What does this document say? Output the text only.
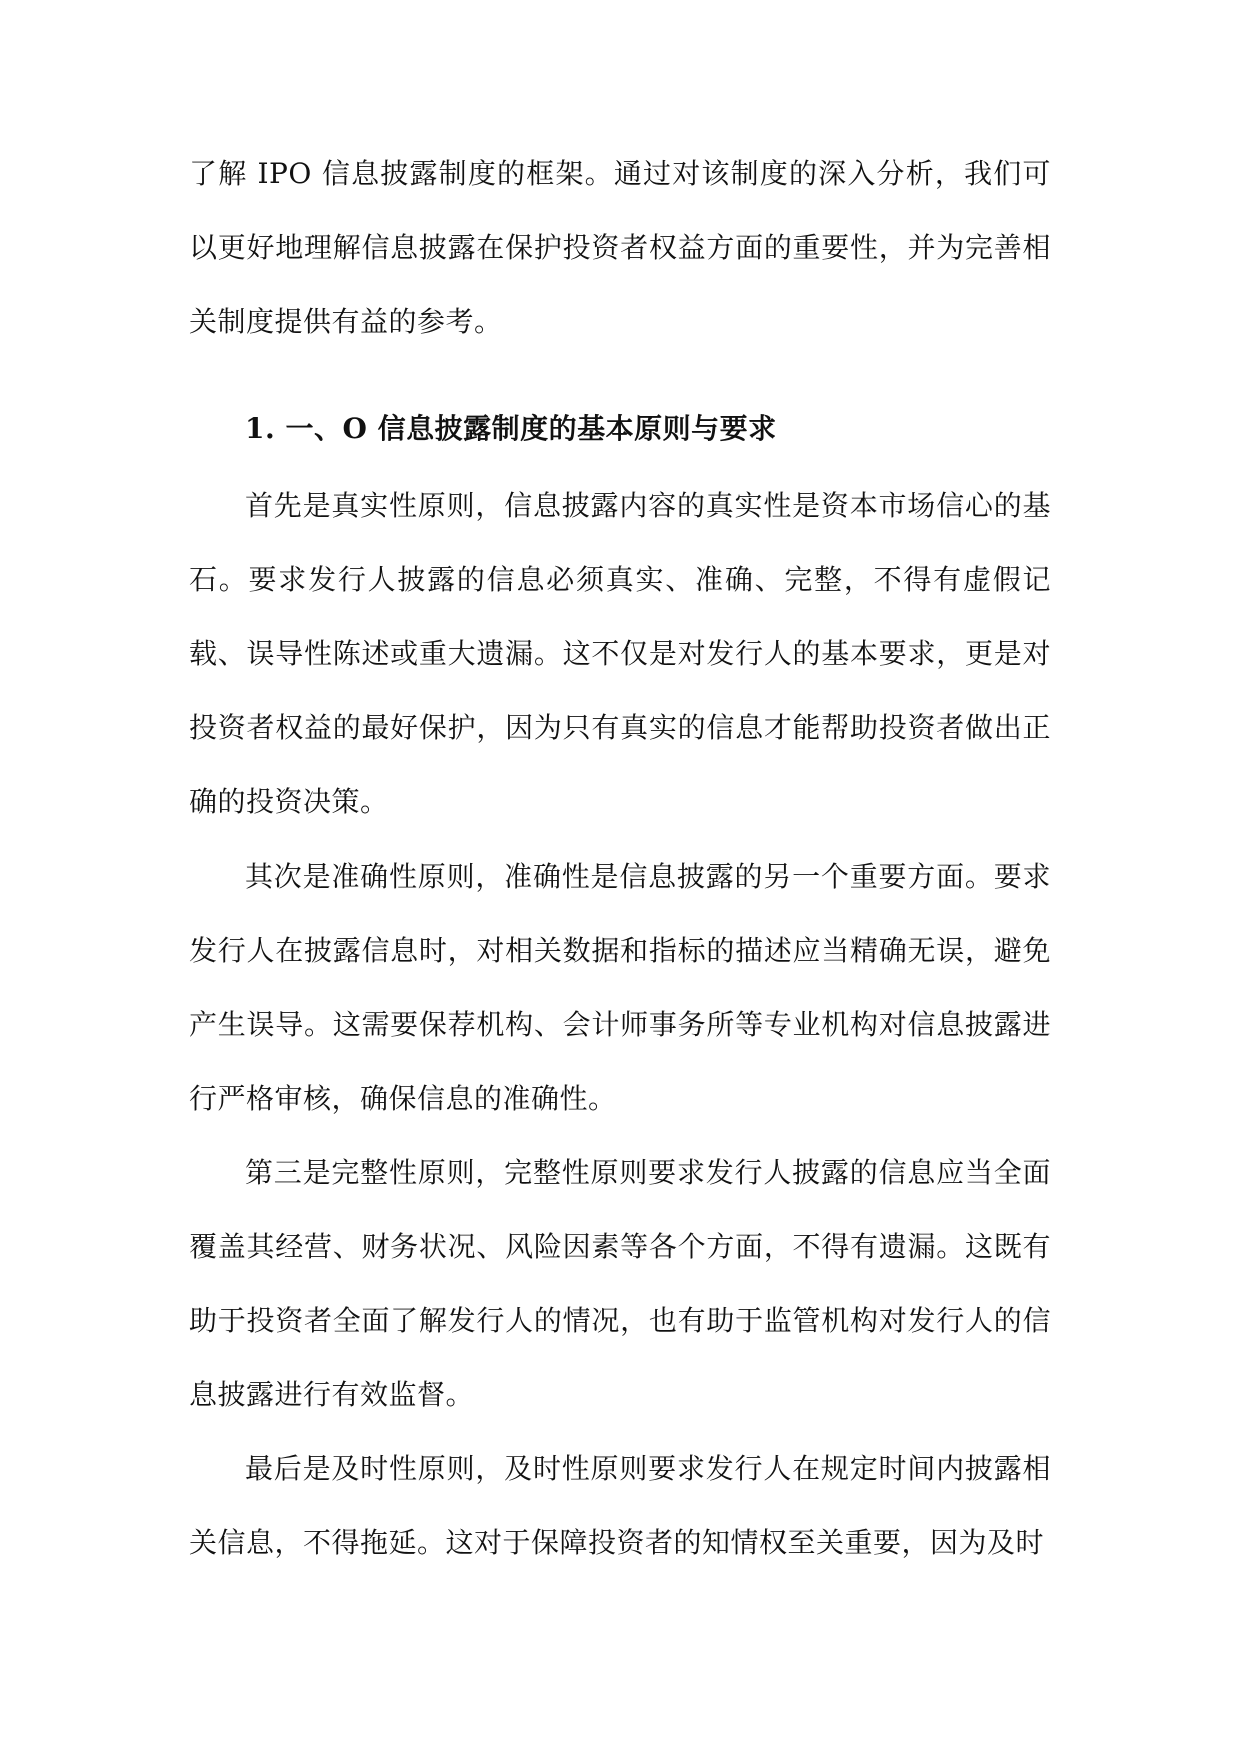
了解 IPO 信息披露制度的框架。通过对该制度的深入分析，我们可以更好地理解信息披露在保护投资者权益方面的重要性，并为完善相关制度提供有益的参考。

1. 一、O 信息披露制度的基本原则与要求

首先是真实性原则，信息披露内容的真实性是资本市场信心的基石。要求发行人披露的信息必须真实、准确、完整，不得有虚假记载、误导性陈述或重大遗漏。这不仅是对发行人的基本要求，更是对投资者权益的最好保护，因为只有真实的信息才能帮助投资者做出正确的投资决策。

其次是准确性原则，准确性是信息披露的另一个重要方面。要求发行人在披露信息时，对相关数据和指标的描述应当精确无误，避免产生误导。这需要保荐机构、会计师事务所等专业机构对信息披露进行严格审核，确保信息的准确性。

第三是完整性原则，完整性原则要求发行人披露的信息应当全面覆盖其经营、财务状况、风险因素等各个方面，不得有遗漏。这既有助于投资者全面了解发行人的情况，也有助于监管机构对发行人的信息披露进行有效监督。

最后是及时性原则，及时性原则要求发行人在规定时间内披露相关信息，不得拖延。这对于保障投资者的知情权至关重要，因为及时
